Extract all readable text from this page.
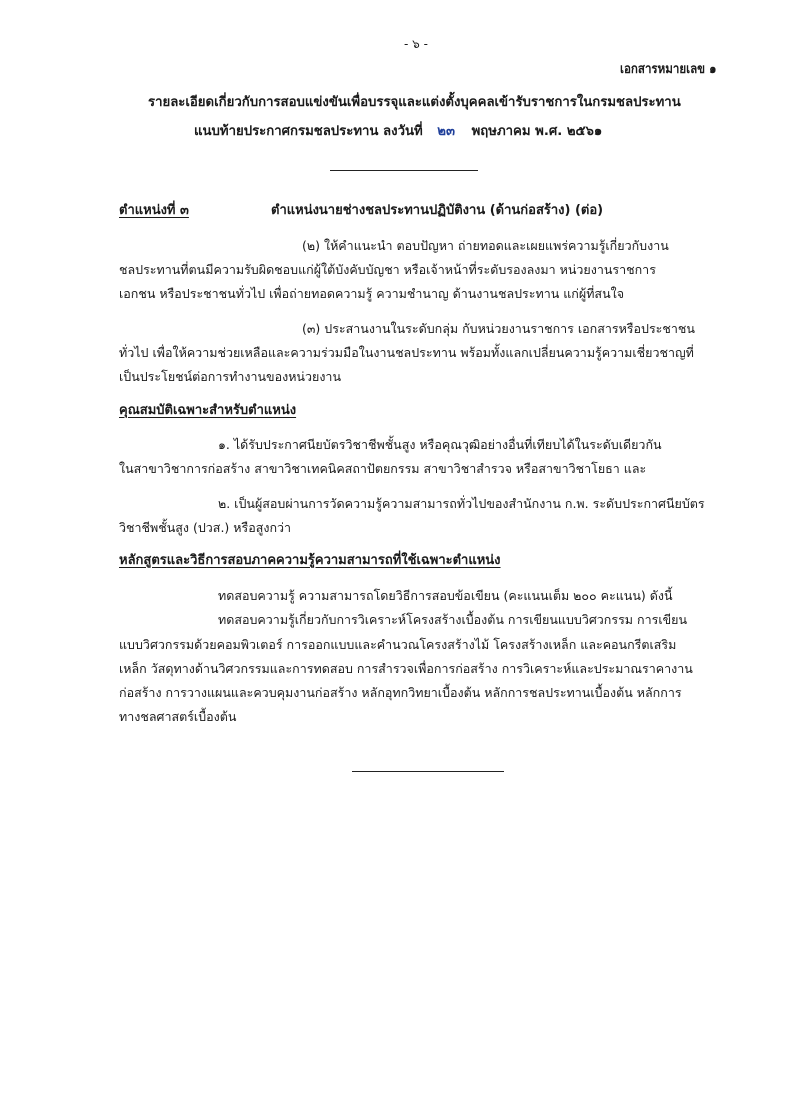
- ๖ -
เอกสารหมายเลข ๑
รายละเอียดเกี่ยวกับการสอบแข่งขันเพื่อบรรจุและแต่งตั้งบุคคลเข้ารับราชการในกรมชลประทาน
แนบท้ายประกาศกรมชลประทาน ลงวันที่ ๒๓ พฤษภาคม พ.ศ. ๒๕๖๑
ตำแหน่งที่ ๓	ตำแหน่งนายช่างชลประทานปฏิบัติงาน (ด้านก่อสร้าง) (ต่อ)
(๒) ให้คำแนะนำ ตอบปัญหา ถ่ายทอดและเผยแพร่ความรู้เกี่ยวกับงาน
ชลประทานที่ตนมีความรับผิดชอบแก่ผู้ใต้บังคับบัญชา หรือเจ้าหน้าที่ระดับรองลงมา หน่วยงานราชการ
เอกชน หรือประชาชนทั่วไป เพื่อถ่ายทอดความรู้ ความชำนาญ ด้านงานชลประทาน แก่ผู้ที่สนใจ
(๓) ประสานงานในระดับกลุ่ม กับหน่วยงานราชการ เอกสารหรือประชาชน
ทั่วไป เพื่อให้ความช่วยเหลือและความร่วมมือในงานชลประทาน พร้อมทั้งแลกเปลี่ยนความรู้ความเชี่ยวชาญที่
เป็นประโยชน์ต่อการทำงานของหน่วยงาน
คุณสมบัติเฉพาะสำหรับตำแหน่ง
๑. ได้รับประกาศนียบัตรวิชาชีพชั้นสูง หรือคุณวุฒิอย่างอื่นที่เทียบได้ในระดับเดียวกัน
ในสาขาวิชาการก่อสร้าง สาขาวิชาเทคนิคสถาปัตยกรรม สาขาวิชาสำรวจ หรือสาขาวิชาโยธา และ
๒. เป็นผู้สอบผ่านการวัดความรู้ความสามารถทั่วไปของสำนักงาน ก.พ. ระดับประกาศนียบัตร
วิชาชีพชั้นสูง (ปวส.) หรือสูงกว่า
หลักสูตรและวิธีการสอบภาคความรู้ความสามารถที่ใช้เฉพาะตำแหน่ง
ทดสอบความรู้ ความสามารถโดยวิธีการสอบข้อเขียน (คะแนนเต็ม ๒๐๐ คะแนน) ดังนี้
ทดสอบความรู้เกี่ยวกับการวิเคราะห์โครงสร้างเบื้องต้น การเขียนแบบวิศวกรรม การเขียน
แบบวิศวกรรมด้วยคอมพิวเตอร์ การออกแบบและคำนวณโครงสร้างไม้ โครงสร้างเหล็ก และคอนกรีตเสริม
เหล็ก วัสดุทางด้านวิศวกรรมและการทดสอบ การสำรวจเพื่อการก่อสร้าง การวิเคราะห์และประมาณราคางาน
ก่อสร้าง การวางแผนและควบคุมงานก่อสร้าง หลักอุทกวิทยาเบื้องต้น หลักการชลประทานเบื้องต้น หลักการ
ทางชลศาสตร์เบื้องต้น
